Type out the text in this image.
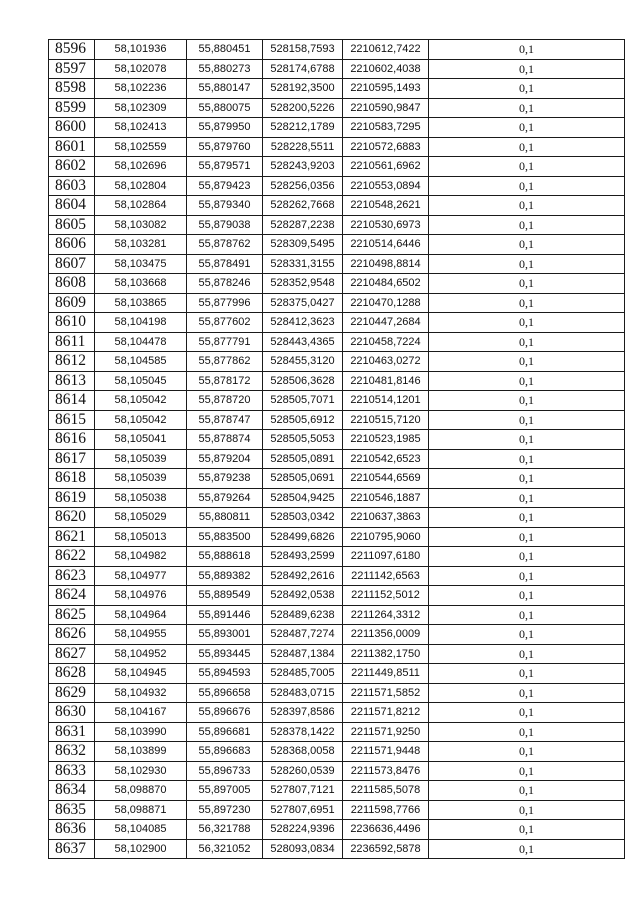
8596	58,101936	55,880451	528158,7593	2210612,7422	0,1
8597	58,102078	55,880273	528174,6788	2210602,4038	0,1
8598	58,102236	55,880147	528192,3500	2210595,1493	0,1
8599	58,102309	55,880075	528200,5226	2210590,9847	0,1
8600	58,102413	55,879950	528212,1789	2210583,7295	0,1
8601	58,102559	55,879760	528228,5511	2210572,6883	0,1
8602	58,102696	55,879571	528243,9203	2210561,6962	0,1
8603	58,102804	55,879423	528256,0356	2210553,0894	0,1
8604	58,102864	55,879340	528262,7668	2210548,2621	0,1
8605	58,103082	55,879038	528287,2238	2210530,6973	0,1
8606	58,103281	55,878762	528309,5495	2210514,6446	0,1
8607	58,103475	55,878491	528331,3155	2210498,8814	0,1
8608	58,103668	55,878246	528352,9548	2210484,6502	0,1
8609	58,103865	55,877996	528375,0427	2210470,1288	0,1
8610	58,104198	55,877602	528412,3623	2210447,2684	0,1
8611	58,104478	55,877791	528443,4365	2210458,7224	0,1
8612	58,104585	55,877862	528455,3120	2210463,0272	0,1
8613	58,105045	55,878172	528506,3628	2210481,8146	0,1
8614	58,105042	55,878720	528505,7071	2210514,1201	0,1
8615	58,105042	55,878747	528505,6912	2210515,7120	0,1
8616	58,105041	55,878874	528505,5053	2210523,1985	0,1
8617	58,105039	55,879204	528505,0891	2210542,6523	0,1
8618	58,105039	55,879238	528505,0691	2210544,6569	0,1
8619	58,105038	55,879264	528504,9425	2210546,1887	0,1
8620	58,105029	55,880811	528503,0342	2210637,3863	0,1
8621	58,105013	55,883500	528499,6826	2210795,9060	0,1
8622	58,104982	55,888618	528493,2599	2211097,6180	0,1
8623	58,104977	55,889382	528492,2616	2211142,6563	0,1
8624	58,104976	55,889549	528492,0538	2211152,5012	0,1
8625	58,104964	55,891446	528489,6238	2211264,3312	0,1
8626	58,104955	55,893001	528487,7274	2211356,0009	0,1
8627	58,104952	55,893445	528487,1384	2211382,1750	0,1
8628	58,104945	55,894593	528485,7005	2211449,8511	0,1
8629	58,104932	55,896658	528483,0715	2211571,5852	0,1
8630	58,104167	55,896676	528397,8586	2211571,8212	0,1
8631	58,103990	55,896681	528378,1422	2211571,9250	0,1
8632	58,103899	55,896683	528368,0058	2211571,9448	0,1
8633	58,102930	55,896733	528260,0539	2211573,8476	0,1
8634	58,098870	55,897005	527807,7121	2211585,5078	0,1
8635	58,098871	55,897230	527807,6951	2211598,7766	0,1
8636	58,104085	56,321788	528224,9396	2236636,4496	0,1
8637	58,102900	56,321052	528093,0834	2236592,5878	0,1
